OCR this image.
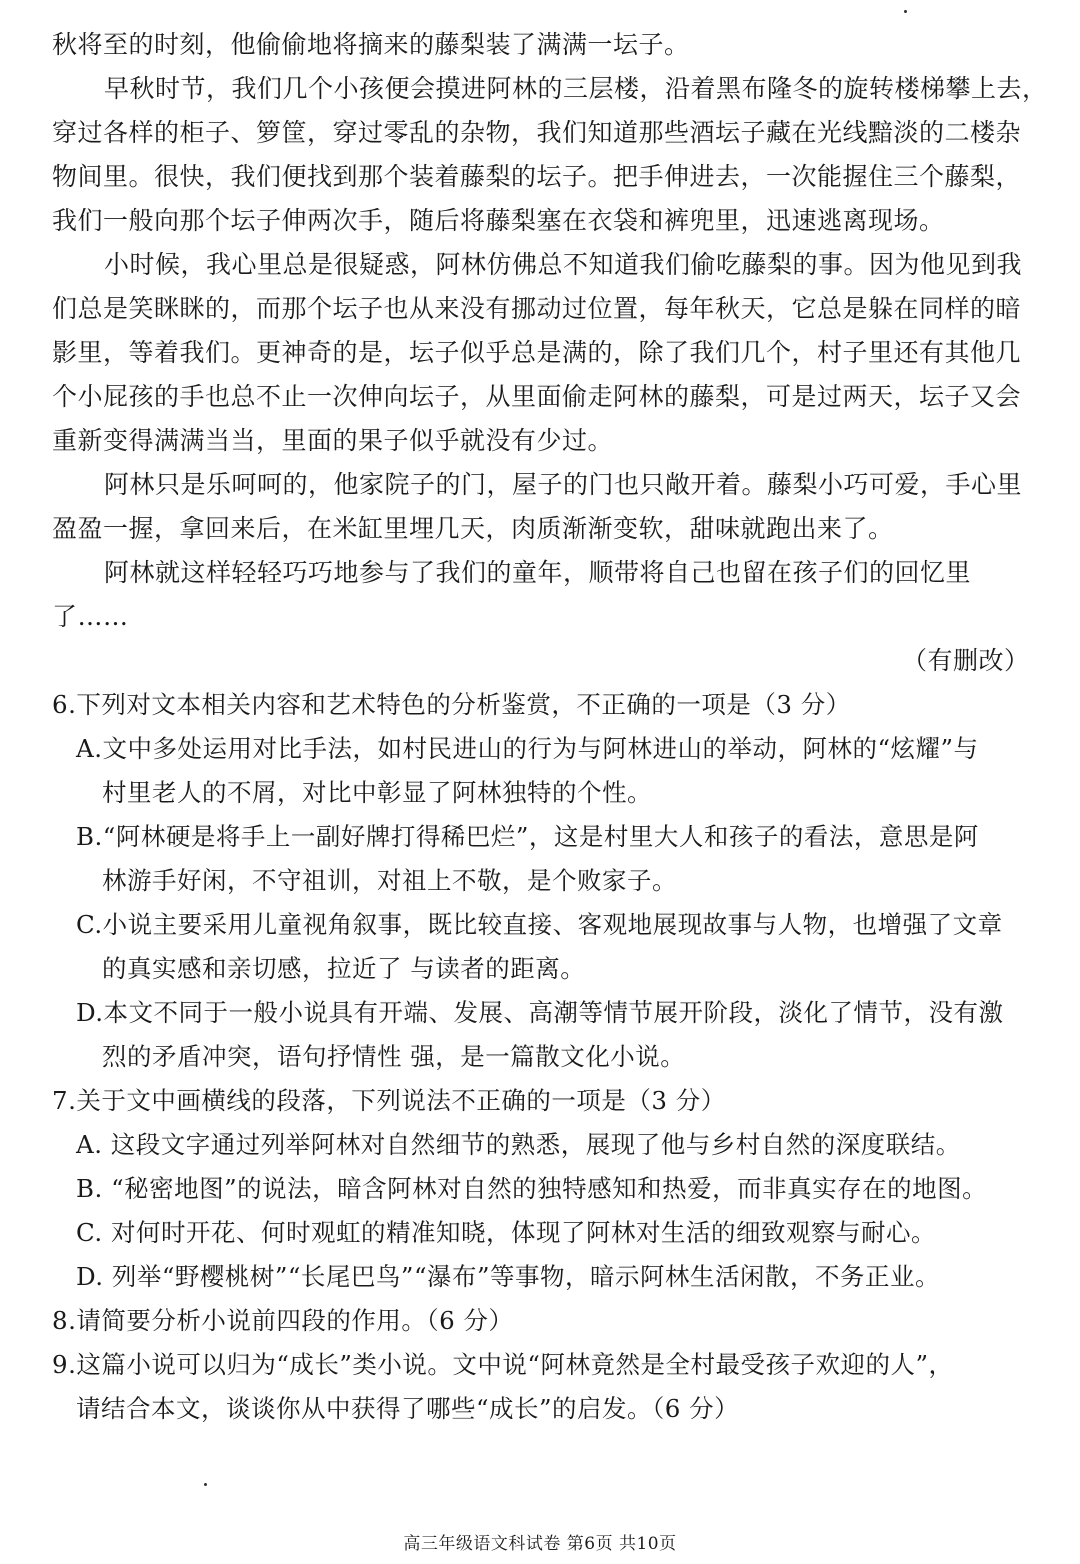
秋将至的时刻，他偷偷地将摘来的藤梨装了满满一坛子。
早秋时节，我们几个小孩便会摸进阿林的三层楼，沿着黑布隆冬的旋转楼梯攀上去，
穿过各样的柜子、箩筐，穿过零乱的杂物，我们知道那些酒坛子藏在光线黯淡的二楼杂
物间里。很快，我们便找到那个装着藤梨的坛子。把手伸进去，一次能握住三个藤梨，
我们一般向那个坛子伸两次手，随后将藤梨塞在衣袋和裤兜里，迅速逃离现场。
小时候，我心里总是很疑惑，阿林仿佛总不知道我们偷吃藤梨的事。因为他见到我
们总是笑眯眯的，而那个坛子也从来没有挪动过位置，每年秋天，它总是躲在同样的暗
影里，等着我们。更神奇的是，坛子似乎总是满的，除了我们几个，村子里还有其他几
个小屁孩的手也总不止一次伸向坛子，从里面偷走阿林的藤梨，可是过两天，坛子又会
重新变得满满当当，里面的果子似乎就没有少过。
阿林只是乐呵呵的，他家院子的门，屋子的门也只敞开着。藤梨小巧可爱，手心里
盈盈一握，拿回来后，在米缸里埋几天，肉质渐渐变软，甜味就跑出来了。
阿林就这样轻轻巧巧地参与了我们的童年，顺带将自己也留在孩子们的回忆里
了……
（有删改）
6.下列对文本相关内容和艺术特色的分析鉴赏，不正确的一项是（3 分）
A.文中多处运用对比手法，如村民进山的行为与阿林进山的举动，阿林的“炫耀”与
村里老人的不屑，对比中彰显了阿林独特的个性。
B.“阿林硬是将手上一副好牌打得稀巴烂”，这是村里大人和孩子的看法，意思是阿
林游手好闲，不守祖训，对祖上不敬，是个败家子。
C.小说主要采用儿童视角叙事，既比较直接、客观地展现故事与人物，也增强了文章
的真实感和亲切感，拉近了 与读者的距离。
D.本文不同于一般小说具有开端、发展、高潮等情节展开阶段，淡化了情节，没有激
烈的矛盾冲突，语句抒情性 强，是一篇散文化小说。
7.关于文中画横线的段落，下列说法不正确的一项是（3 分）
A. 这段文字通过列举阿林对自然细节的熟悉，展现了他与乡村自然的深度联结。
B. “秘密地图”的说法，暗含阿林对自然的独特感知和热爱，而非真实存在的地图。
C. 对何时开花、何时观虹的精准知晓，体现了阿林对生活的细致观察与耐心。
D. 列举“野樱桃树”“长尾巴鸟”“瀑布”等事物，暗示阿林生活闲散，不务正业。
8.请简要分析小说前四段的作用。（6 分）
9.这篇小说可以归为“成长”类小说。文中说“阿林竟然是全村最受孩子欢迎的人”，
请结合本文，谈谈你从中获得了哪些“成长”的启发。（6 分）
高三年级语文科试卷 第6页 共10页
